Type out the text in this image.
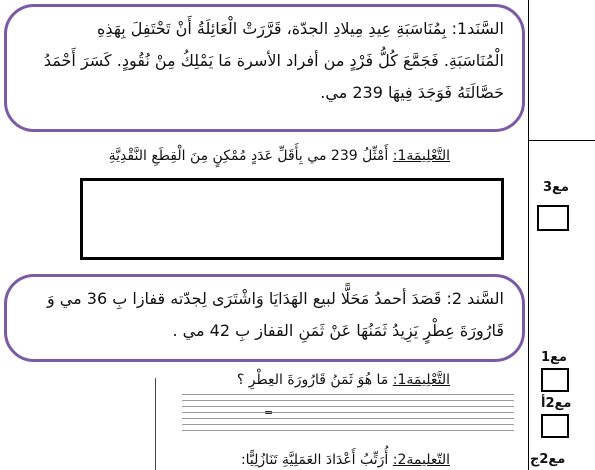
السَّنَد1: بِمُنَاسَبَةِ عِيدِ مِيلادِ الجدّة، قَرَّرَتْ الْعَائِلَةُ أَنْ تَحْتَفِلَ بِهَذِهِ

الْمُنَاسَبَةِ. فَجَمَّعَ كُلُّ فَرْدٍ من أفراد الأسرة مَا يَمْلِكُ مِنْ نُقُودٍ. كَسَرَ أَحْمَدُ

حَصَّالَتَهُ فَوَجَدَ فِيهَا 239 مي.

التَّعْلِيمَة1: أَمْثِّلُ 239 مي بِأَقَلِّ عَدَدٍ مُمْكِنٍ مِنَ الْقِطَعِ النَّقْدِيَّةِ

السَّند 2: قَصَدَ أحمدُ مَحَلًّا لبيع الهَدَايَا وَاشْتَرَى لِجدّته قفازا بِ 36 مي وَ

قَارُورَةَ عِطْرٍ يَزِيدُ ثَمَنُهَا عَنْ ثَمَنِ القفاز بِ 42 مي .

التَّعْلِيمَة1: مَا هُوَ ثَمَنُ قَارُورَةَ العِطْرِ ؟
=
التّعليمة2: أُرَتِّبُ أَعْدَادَ العَمَلِيَّةِ تَنَازُلِيًّا:
مع3
مع1
مع2أ
مع2ج
